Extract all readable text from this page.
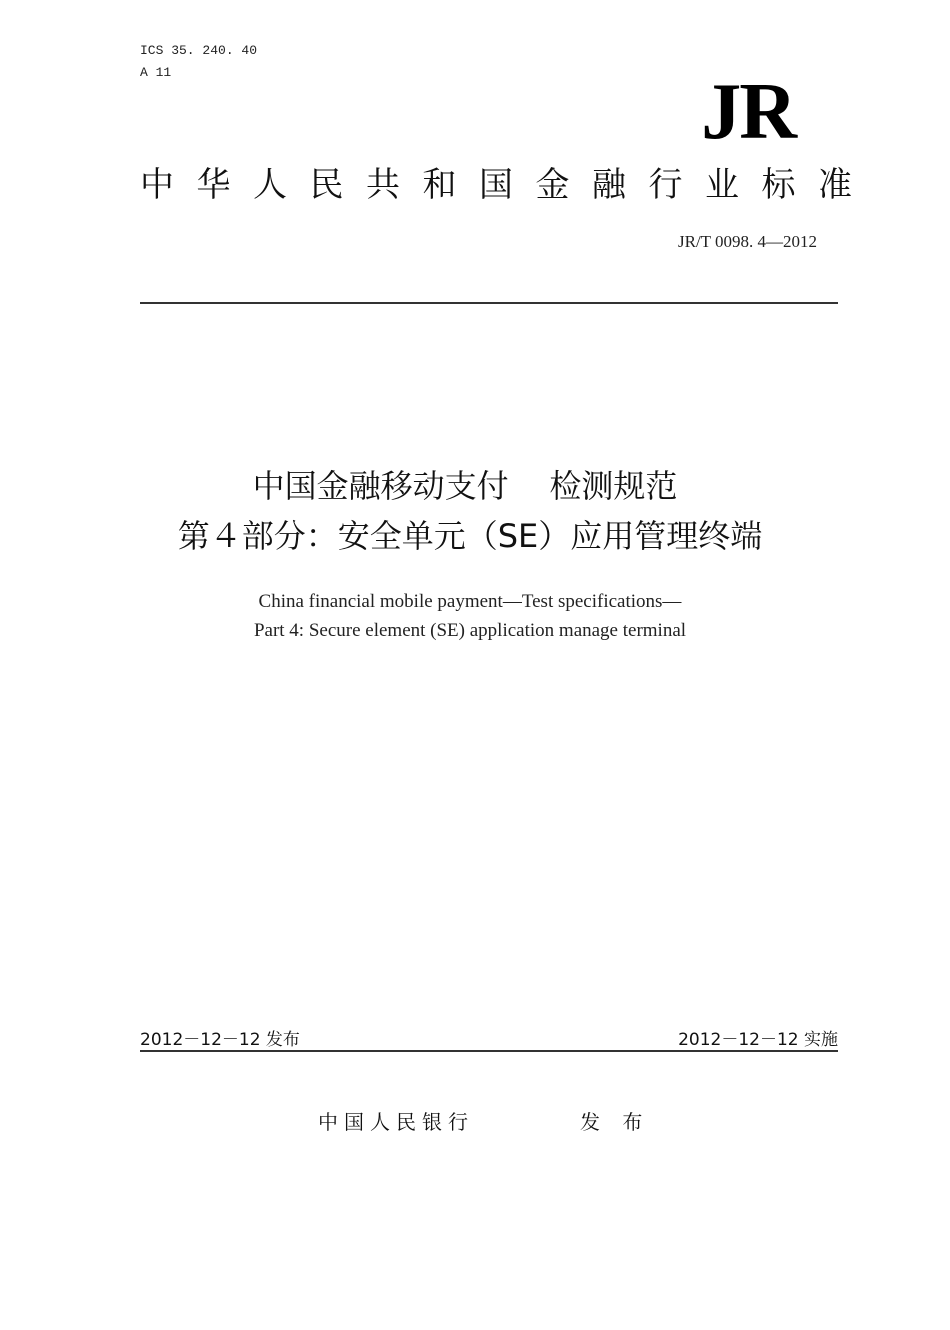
ICS 35. 240. 40
A 11	JR
中华人民共和国金融行业标准
JR/T 0098. 4—2012
中国金融移动支付    检测规范
第４部分：安全单元（SE）应用管理终端
China financial mobile payment—Test specifications—
Part 4: Secure element (SE) application manage terminal
2012－12－12 发布	2012－12－12 实施
中国人民银行	发 布
